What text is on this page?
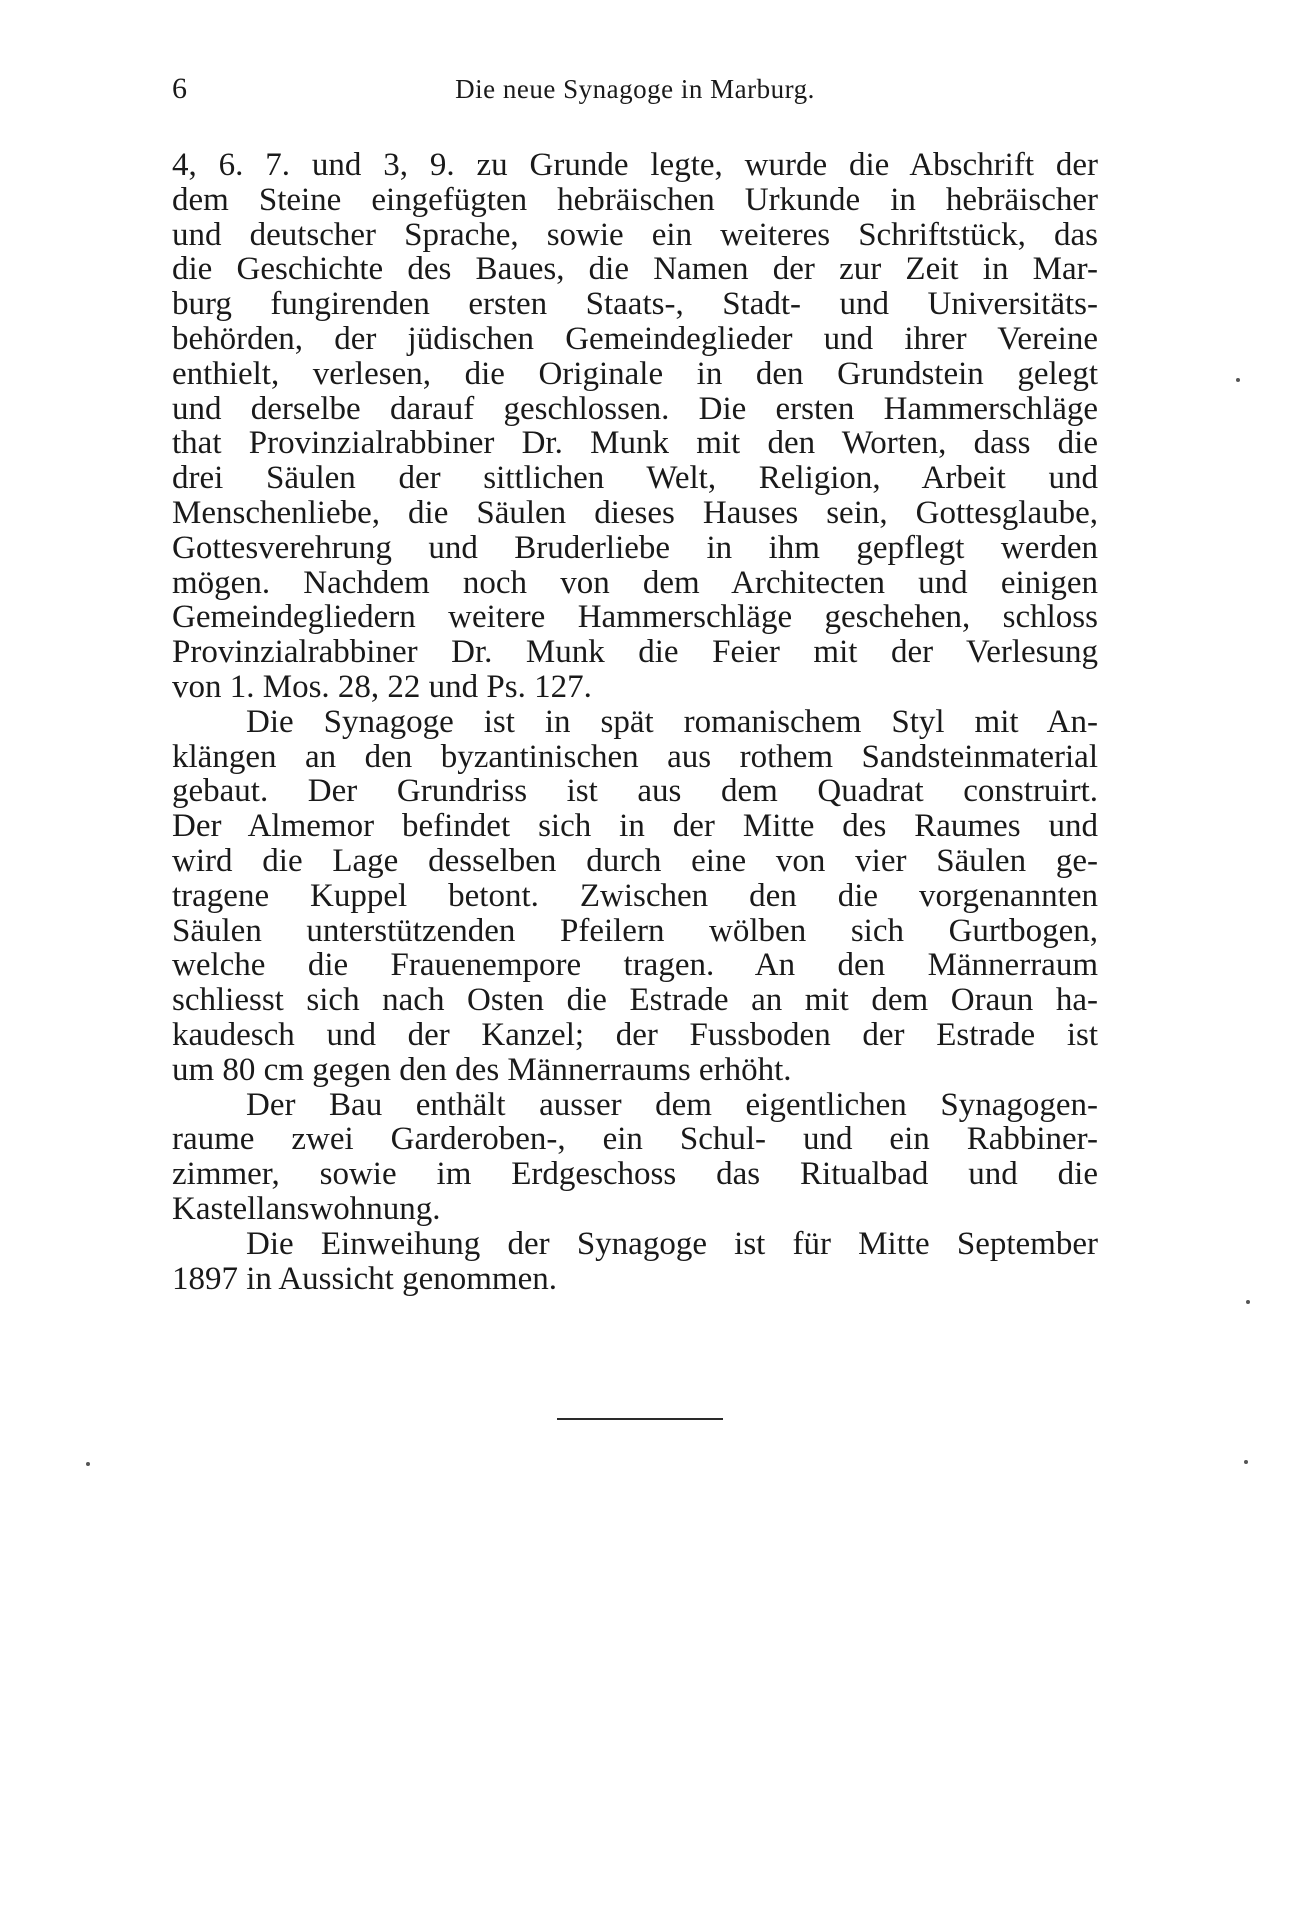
6	Die neue Synagoge in Marburg.

4, 6. 7. und 3, 9. zu Grunde legte, wurde die Abschrift der
dem Steine eingefügten hebräischen Urkunde in hebräischer
und deutscher Sprache, sowie ein weiteres Schriftstück, das
die Geschichte des Baues, die Namen der zur Zeit in Mar-
burg fungirenden ersten Staats-, Stadt- und Universitäts-
behörden, der jüdischen Gemeindeglieder und ihrer Vereine
enthielt, verlesen, die Originale in den Grundstein gelegt
und derselbe darauf geschlossen. Die ersten Hammerschläge
that Provinzialrabbiner Dr. Munk mit den Worten, dass die
drei Säulen der sittlichen Welt, Religion, Arbeit und
Menschenliebe, die Säulen dieses Hauses sein, Gottesglaube,
Gottesverehrung und Bruderliebe in ihm gepflegt werden
mögen. Nachdem noch von dem Architecten und einigen
Gemeindegliedern weitere Hammerschläge geschehen, schloss
Provinzialrabbiner Dr. Munk die Feier mit der Verlesung
von 1. Mos. 28, 22 und Ps. 127.

Die Synagoge ist in spät romanischem Styl mit An-
klängen an den byzantinischen aus rothem Sandsteinmaterial
gebaut. Der Grundriss ist aus dem Quadrat construirt.
Der Almemor befindet sich in der Mitte des Raumes und
wird die Lage desselben durch eine von vier Säulen ge-
tragene Kuppel betont. Zwischen den die vorgenannten
Säulen unterstützenden Pfeilern wölben sich Gurtbogen,
welche die Frauenempore tragen. An den Männerraum
schliesst sich nach Osten die Estrade an mit dem Oraun ha-
kaudesch und der Kanzel; der Fussboden der Estrade ist
um 80 cm gegen den des Männerraums erhöht.

Der Bau enthält ausser dem eigentlichen Synagogen-
raume zwei Garderoben-, ein Schul- und ein Rabbiner-
zimmer, sowie im Erdgeschoss das Ritualbad und die
Kastellanswohnung.

Die Einweihung der Synagoge ist für Mitte September
1897 in Aussicht genommen.
